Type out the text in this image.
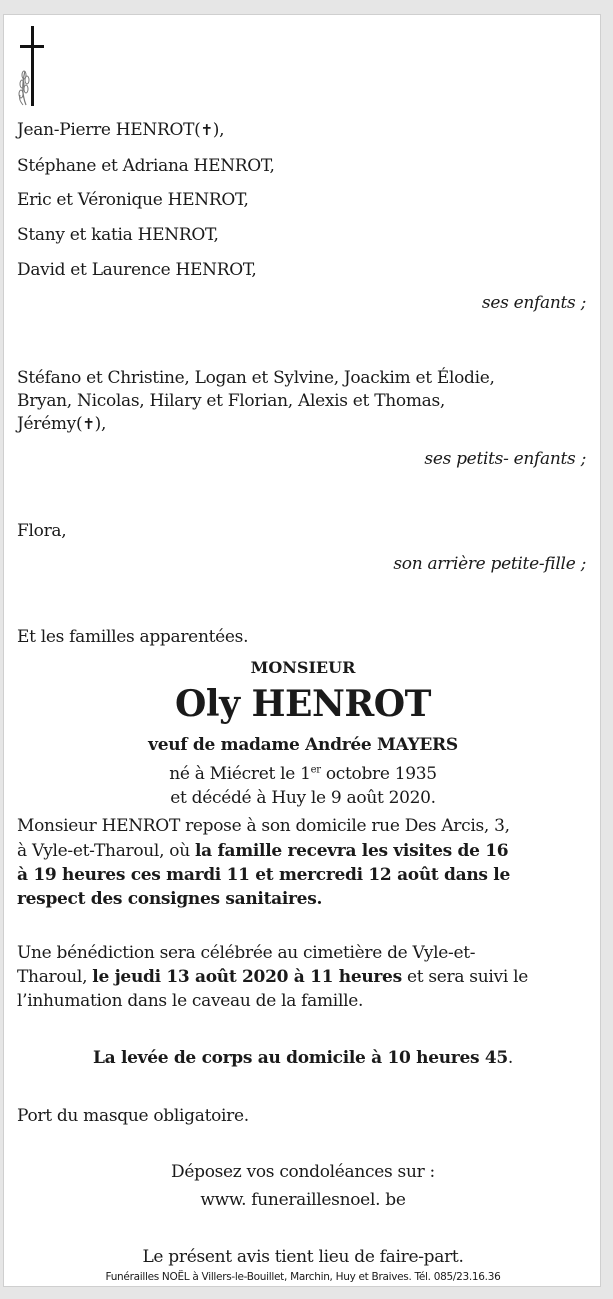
Jean-Pierre HENROT(✝),
Stéphane et Adriana HENROT,
Eric et Véronique HENROT,
Stany et katia HENROT,
David et Laurence HENROT,
ses enfants ;
Stéfano et Christine, Logan et Sylvine, Joackim et Élodie,
Bryan, Nicolas, Hilary et Florian, Alexis et Thomas,
Jérémy(✝),
ses petits- enfants ;
Flora,
son arrière petite-fille ;
Et les familles apparentées.
MONSIEUR
Oly HENROT
veuf de madame Andrée MAYERS
né à Miécret le 1er octobre 1935
et décédé à Huy le 9 août 2020.
Monsieur HENROT repose à son domicile rue Des Arcis, 3,
à Vyle-et-Tharoul, où la famille recevra les visites de 16
à 19 heures ces mardi 11 et mercredi 12 août dans le
respect des consignes sanitaires.
Une bénédiction sera célébrée au cimetière de Vyle-et-
Tharoul, le jeudi 13 août 2020 à 11 heures et sera suivi le
l’inhumation dans le caveau de la famille.
La levée de corps au domicile à 10 heures 45.
Port du masque obligatoire.
Déposez vos condoléances sur :
www. funeraillesnoel. be
Le présent avis tient lieu de faire-part.
Funérailles NOËL à Villers-le-Bouillet, Marchin, Huy et Braives. Tél. 085/23.16.36
